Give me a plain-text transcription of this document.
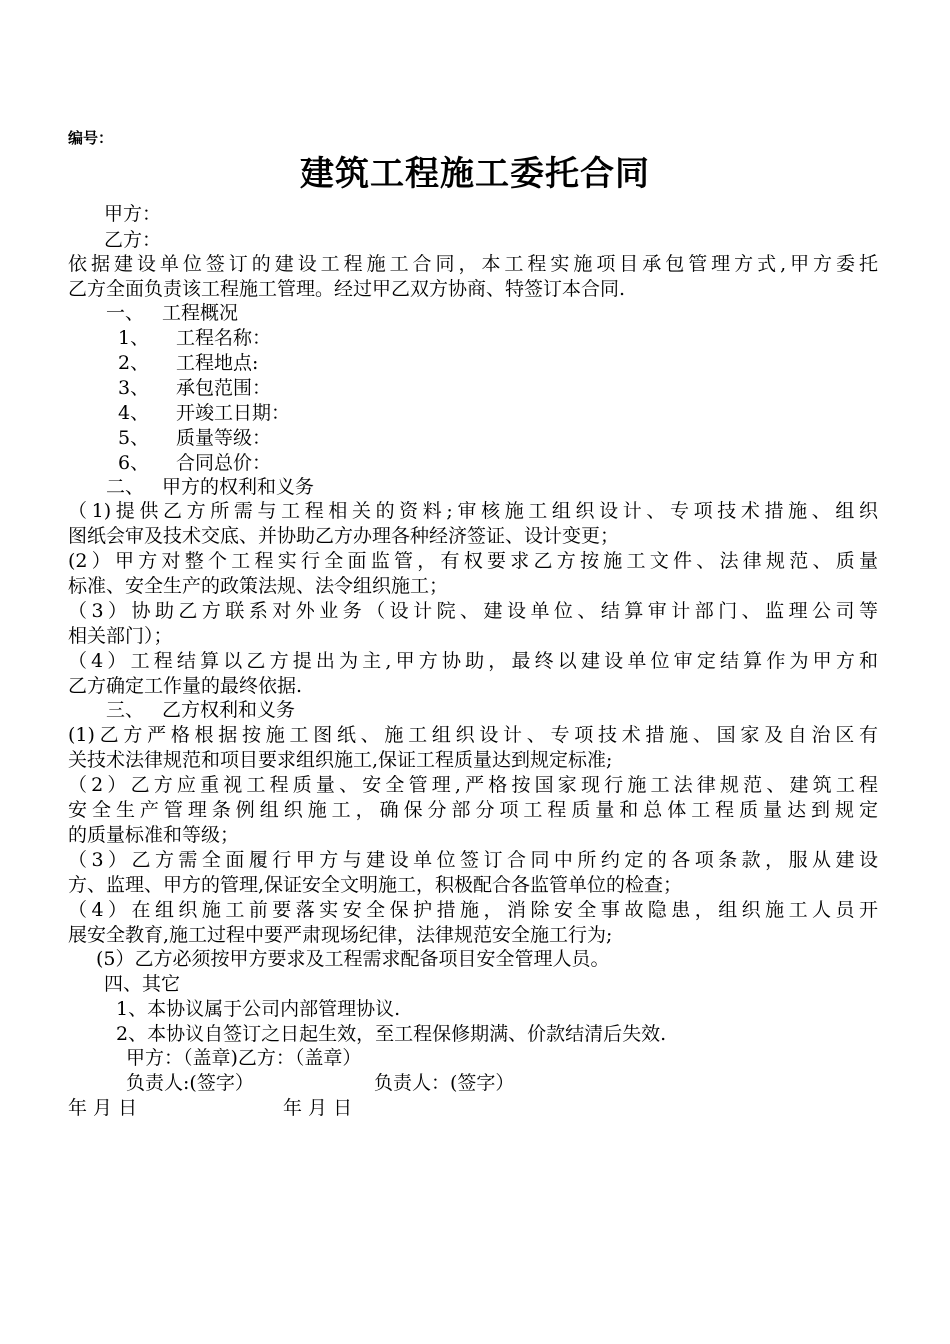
编号：
建筑工程施工委托合同
甲方：
乙方：
依据建设单位签订的建设工程施工合同，本工程实施项目承包管理方式,甲方委托
乙方全面负责该工程施工管理。经过甲乙双方协商、特签订本合同.
一、 工程概况
1、 工程名称：
2、 工程地点:
3、 承包范围：
4、 开竣工日期：
5、 质量等级：
6、 合同总价：
二、 甲方的权利和义务
（1)提供乙方所需与工程相关的资料;审核施工组织设计、专项技术措施、组织
图纸会审及技术交底、并协助乙方办理各种经济签证、设计变更；
(2）甲方对整个工程实行全面监管，有权要求乙方按施工文件、法律规范、质量
标准、安全生产的政策法规、法令组织施工；
（3）协助乙方联系对外业务（设计院、建设单位、结算审计部门、监理公司等
相关部门）；
（4）工程结算以乙方提出为主,甲方协助，最终以建设单位审定结算作为甲方和
乙方确定工作量的最终依据.
三、 乙方权利和义务
(1)乙方严格根据按施工图纸、施工组织设计、专项技术措施、国家及自治区有
关技术法律规范和项目要求组织施工,保证工程质量达到规定标准;
（2）乙方应重视工程质量、安全管理,严格按国家现行施工法律规范、建筑工程
安全生产管理条例组织施工，确保分部分项工程质量和总体工程质量达到规定
的质量标准和等级；
（3）乙方需全面履行甲方与建设单位签订合同中所约定的各项条款，服从建设
方、监理、甲方的管理,保证安全文明施工，积极配合各监管单位的检查；
（4）在组织施工前要落实安全保护措施，消除安全事故隐患，组织施工人员开
展安全教育,施工过程中要严肃现场纪律，法律规范安全施工行为;
(5）乙方必须按甲方要求及工程需求配备项目安全管理人员。
四、其它
1、本协议属于公司内部管理协议.
2、本协议自签订之日起生效，至工程保修期满、价款结清后失效.
甲方：（盖章)乙方：（盖章）
负责人:(签字）	负责人：(签字）
年 月 日	年 月 日
